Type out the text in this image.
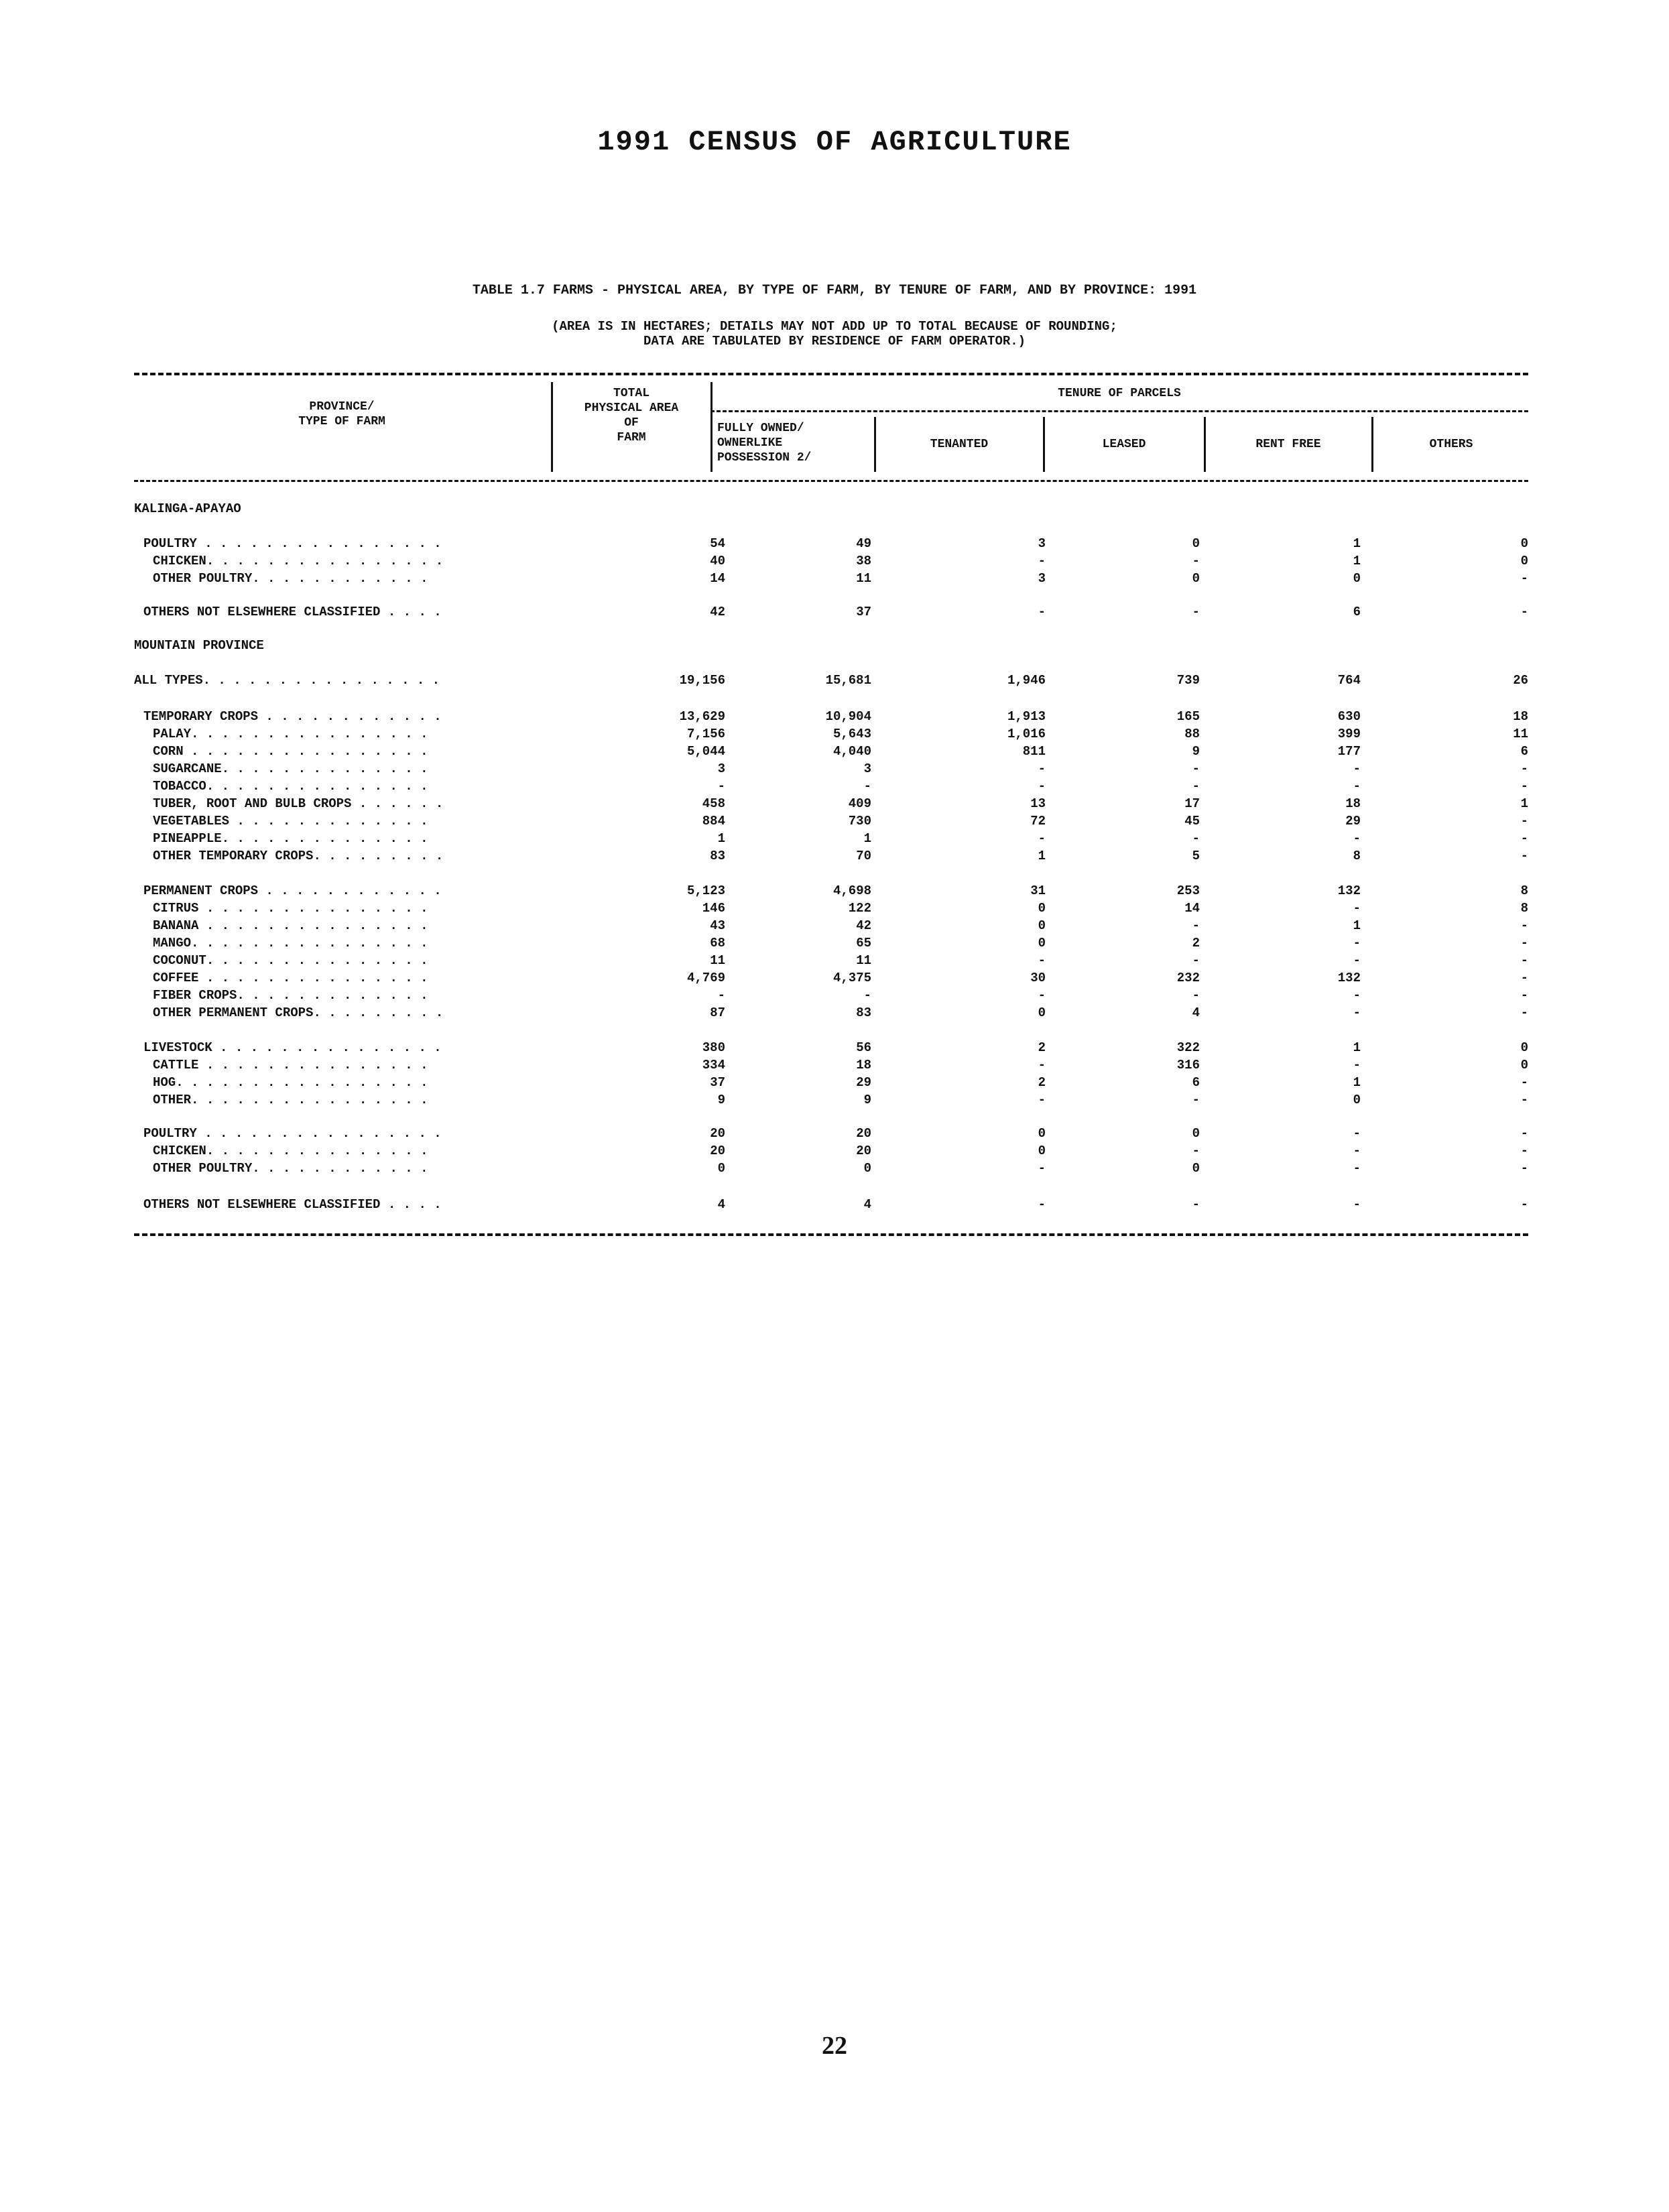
1991 CENSUS OF AGRICULTURE
TABLE 1.7 FARMS - PHYSICAL AREA, BY TYPE OF FARM, BY TENURE OF FARM, AND BY PROVINCE: 1991
(AREA IS IN HECTARES; DETAILS MAY NOT ADD UP TO TOTAL BECAUSE OF ROUNDING;
DATA ARE TABULATED BY RESIDENCE OF FARM OPERATOR.)
PROVINCE/
TYPE OF FARM
TOTAL
PHYSICAL AREA
OF
FARM
TENURE OF PARCELS
FULLY OWNED/
OWNERLIKE
POSSESSION 2/
TENANTED	LEASED	RENT FREE	OTHERS
KALINGA-APAYAO
POULTRY . . . . . . . . . . . . . . . .	54	49	3	0	1	0
CHICKEN. . . . . . . . . . . . . . . .	40	38	-	-	1	0
OTHER POULTRY. . . . . . . . . . . .	14	11	3	0	0	-
OTHERS NOT ELSEWHERE CLASSIFIED . . . .	42	37	-	-	6	-
MOUNTAIN PROVINCE
ALL TYPES. . . . . . . . . . . . . . . .	19,156	15,681	1,946	739	764	26
TEMPORARY CROPS . . . . . . . . . . . .	13,629	10,904	1,913	165	630	18
PALAY. . . . . . . . . . . . . . . .	7,156	5,643	1,016	88	399	11
CORN . . . . . . . . . . . . . . . .	5,044	4,040	811	9	177	6
SUGARCANE. . . . . . . . . . . . . .	3	3	-	-	-	-
TOBACCO. . . . . . . . . . . . . . .	-	-	-	-	-	-
TUBER, ROOT AND BULB CROPS . . . . . .	458	409	13	17	18	1
VEGETABLES . . . . . . . . . . . . .	884	730	72	45	29	-
PINEAPPLE. . . . . . . . . . . . . .	1	1	-	-	-	-
OTHER TEMPORARY CROPS. . . . . . . . .	83	70	1	5	8	-
PERMANENT CROPS . . . . . . . . . . . .	5,123	4,698	31	253	132	8
CITRUS . . . . . . . . . . . . . . .	146	122	0	14	-	8
BANANA . . . . . . . . . . . . . . .	43	42	0	-	1	-
MANGO. . . . . . . . . . . . . . . .	68	65	0	2	-	-
COCONUT. . . . . . . . . . . . . . .	11	11	-	-	-	-
COFFEE . . . . . . . . . . . . . . .	4,769	4,375	30	232	132	-
FIBER CROPS. . . . . . . . . . . . .	-	-	-	-	-	-
OTHER PERMANENT CROPS. . . . . . . . .	87	83	0	4	-	-
LIVESTOCK . . . . . . . . . . . . . . .	380	56	2	322	1	0
CATTLE . . . . . . . . . . . . . . .	334	18	-	316	-	0
HOG. . . . . . . . . . . . . . . . .	37	29	2	6	1	-
OTHER. . . . . . . . . . . . . . . .	9	9	-	-	0	-
POULTRY . . . . . . . . . . . . . . . .	20	20	0	0	-	-
CHICKEN. . . . . . . . . . . . . . .	20	20	0	-	-	-
OTHER POULTRY. . . . . . . . . . . .	0	0	-	0	-	-
OTHERS NOT ELSEWHERE CLASSIFIED . . . .	4	4	-	-	-	-
22
